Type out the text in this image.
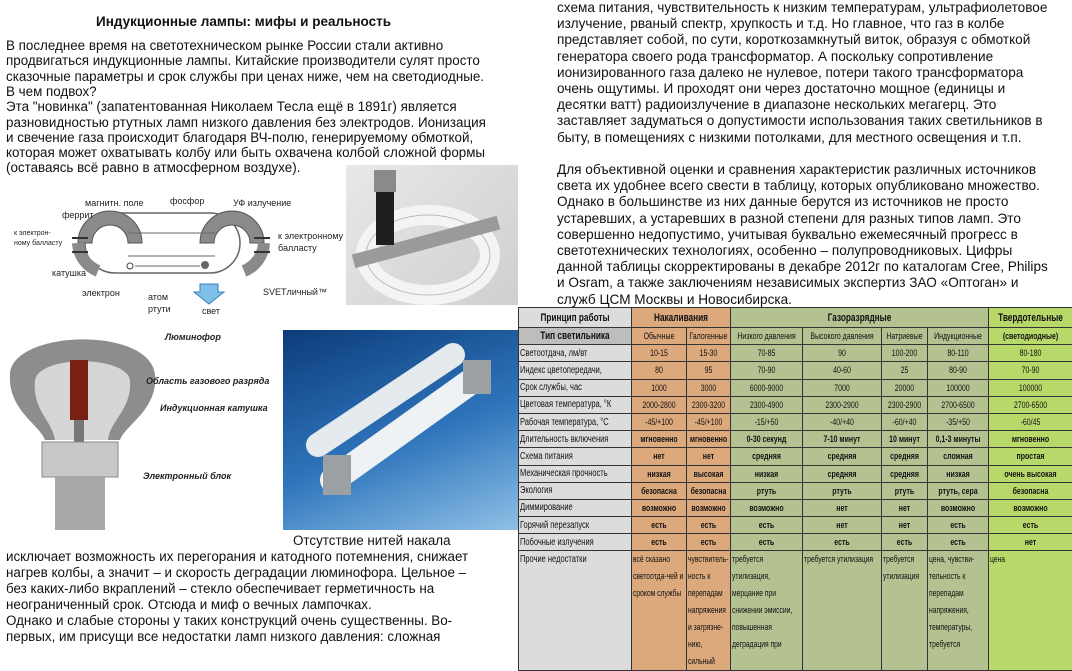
Индукционные лампы: мифы и реальность
В последнее время на светотехническом рынке России стали активно
продвигаться индукционные лампы. Китайские производители сулят просто
сказочные параметры и срок службы при ценах ниже, чем на светодиодные.
В чем подвох?
Эта "новинка" (запатентованная Николаем Тесла ещё в 1891г) является
разновидностью ртутных ламп низкого давления без электродов. Ионизация
и свечение газа происходит благодаря ВЧ-полю, генерируемому обмоткой,
которая может охватывать колбу или быть охвачена колбой сложной формы
(оставаясь всё равно в атмосферном воздухе).
магнитн. поле	фосфор	УФ излучение
феррит
к электрон-
ному балласту
к электронному
балласту
катушка
электрон	атом
ртути	свет
SVETличный™
Люминофор
Область газового разряда
Индукционная катушка
Электронный блок
Отсутствие нитей накала
исключает возможность их перегорания и катодного потемнения, снижает
нагрев колбы, а значит – и скорость деградации люминофора. Цельное –
без каких-либо вкраплений – стекло обеспечивает герметичность на
неограниченный срок. Отсюда и миф о вечных лампочках.
Однако и слабые стороны у таких конструкций очень существенны. Во-
первых, им присущи все недостатки ламп низкого давления: сложная
схема питания, чувствительность к низким температурам, ультрафиолетовое
излучение, рваный спектр, хрупкость и т.д. Но главное, что газ в колбе
представляет собой, по сути, короткозамкнутый виток, образуя с обмоткой
генератора своего рода трансформатор. А поскольку сопротивление
ионизированного газа далеко не нулевое, потери такого трансформатора
очень ощутимы. И проходят они через достаточно мощное (единицы и
десятки ватт) радиоизлучение в диапазоне нескольких мегагерц. Это
заставляет задуматься о допустимости использования таких светильников в
быту, в помещениях с низкими потолками, для местного освещения и т.п.
Для объективной оценки и сравнения характеристик различных источников
света их удобнее всего свести в таблицу, которых опубликовано множество.
Однако в большинстве из них данные берутся из источников не просто
устаревших, а устаревших в разной степени для разных типов ламп. Это
совершенно недопустимо, учитывая буквально ежемесячный прогресс в
светотехнических технологиях, особенно – полупроводниковых. Цифры
данной таблицы скорректированы в декабре 2012г по каталогам Cree, Philips
и Osram, а также заключениям независимых экспертиз ЗАО «Оптоган» и
служб ЦСМ Москвы и Новосибирска.
Принцип работы	Накаливания		Газоразрядные				Твердотельные

Тип светильника	Обычные	Галогенные	Низкого давления	Высокого давления	Натриевые	Индукционные	(светодиодные)

Светоотдача, лм/вт	10-15	15-30	70-85	90	100-200	80-110	80-180

Индекс цветопередачи,	80	95	70-90	40-60	25	80-90	70-90

Срок службы, час	1000	3000	6000-9000	7000	20000	100000	100000

Цветовая температура, °К	2000-2800	2300-3200	2300-4900	2300-2900	2300-2900	2700-6500	2700-6500

Рабочая температура, °С	-45/+100	-45/+100	-15/+50	-40/+40	-60/+40	-35/+50	-60/45

Длительность включения	мгновенно	мгновенно	0-30 секунд	7-10 минут	10 минут	0,1-3 минуты	мгновенно

Схема питания	нет	нет	средняя	средняя	средняя	сложная	простая

Механическая прочность	низкая	высокая	низкая	средняя	средняя	низкая	очень высокая

Экология	безопасна	безопасна	ртуть	ртуть	ртуть	ртуть, сера	безопасна

Диммирование	возможно	возможно	возможно	нет	нет	возможно	возможно

Горячий перезапуск	есть	есть	есть	нет	нет	есть	есть

Побочные излучения	есть	есть	есть	есть	есть	есть	нет

Прочие недостатки	всё сказано светоотда-чей и сроком службы	чувствитель-ность к перепадам напряжения и загрязне-нию, сильный	требуется утилизация, мерцание при снижении эмиссии, повышенная деградация при	требуется утилизация	требуется утилизация	цена, чувстви-тельность к перепадам напряжения, температуры, требуется	цена
